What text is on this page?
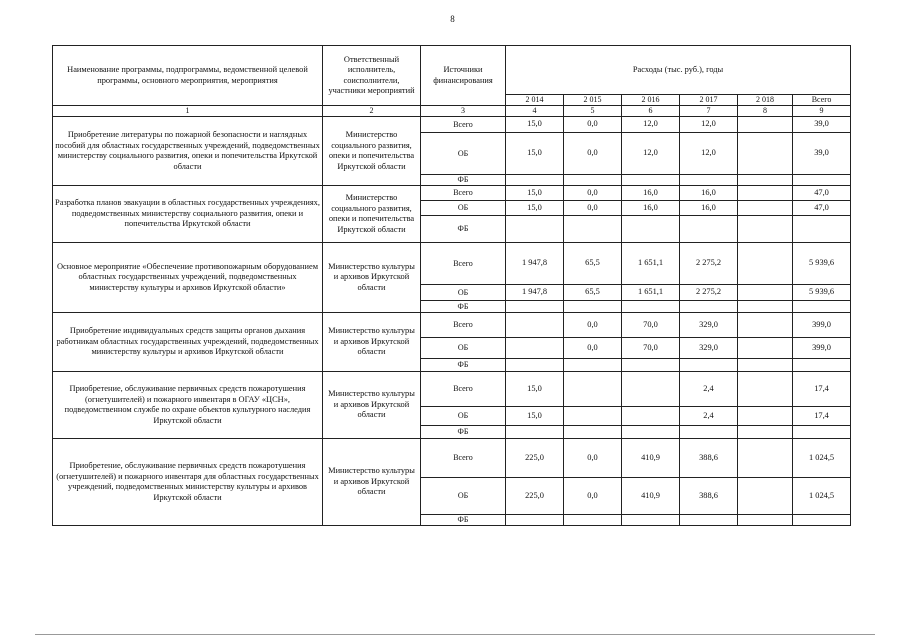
8
Наименование программы, подпрограммы, ведомственной целевой программы, основного мероприятия, мероприятия	Ответственный исполнитель, соисполнители, участники мероприятий	Источники финансирования	Расходы (тыс. руб.), годы					
			2 014	2 015	2 016	2 017	2 018	Всего
1	2	3	4	5	6	7	8	9
Приобретение литературы по пожарной безопасности и наглядных пособий для областных государственных учреждений, подведомственных министерству социального развития, опеки и попечительства Иркутской области	Министерство социального развития, опеки и попечительства Иркутской области	Всего	15,0	0,0	12,0	12,0		39,0
		ОБ	15,0	0,0	12,0	12,0		39,0
		ФБ						
Разработка планов эвакуации в областных государственных учреждениях, подведомственных министерству социального развития, опеки и попечительства Иркутской области	Министерство социального развития, опеки и попечительства Иркутской области	Всего	15,0	0,0	16,0	16,0		47,0
		ОБ	15,0	0,0	16,0	16,0		47,0
		ФБ						
Основное мероприятие «Обеспечение противопожарным оборудованием областных государственных учреждений, подведомственных министерству культуры и архивов Иркутской области»	Министерство культуры и архивов Иркутской области	Всего	1 947,8	65,5	1 651,1	2 275,2		5 939,6
		ОБ	1 947,8	65,5	1 651,1	2 275,2		5 939,6
		ФБ						
Приобретение индивидуальных средств защиты органов дыхания работникам областных государственных учреждений, подведомственных министерству культуры и архивов Иркутской области	Министерство культуры и архивов Иркутской области	Всего		0,0	70,0	329,0		399,0
		ОБ		0,0	70,0	329,0		399,0
		ФБ						
Приобретение, обслуживание первичных средств пожаротушения (огнетушителей) и пожарного инвентаря в ОГАУ «ЦСН», подведомственном службе по охране объектов культурного наследия Иркутской области	Министерство культуры и архивов Иркутской области	Всего	15,0			2,4		17,4
		ОБ	15,0			2,4		17,4
		ФБ						
Приобретение, обслуживание первичных средств пожаротушения (огнетушителей) и пожарного инвентаря для областных государственных учреждений, подведомственных министерству культуры и архивов Иркутской области	Министерство культуры и архивов Иркутской области	Всего	225,0	0,0	410,9	388,6		1 024,5
		ОБ	225,0	0,0	410,9	388,6		1 024,5
		ФБ						
